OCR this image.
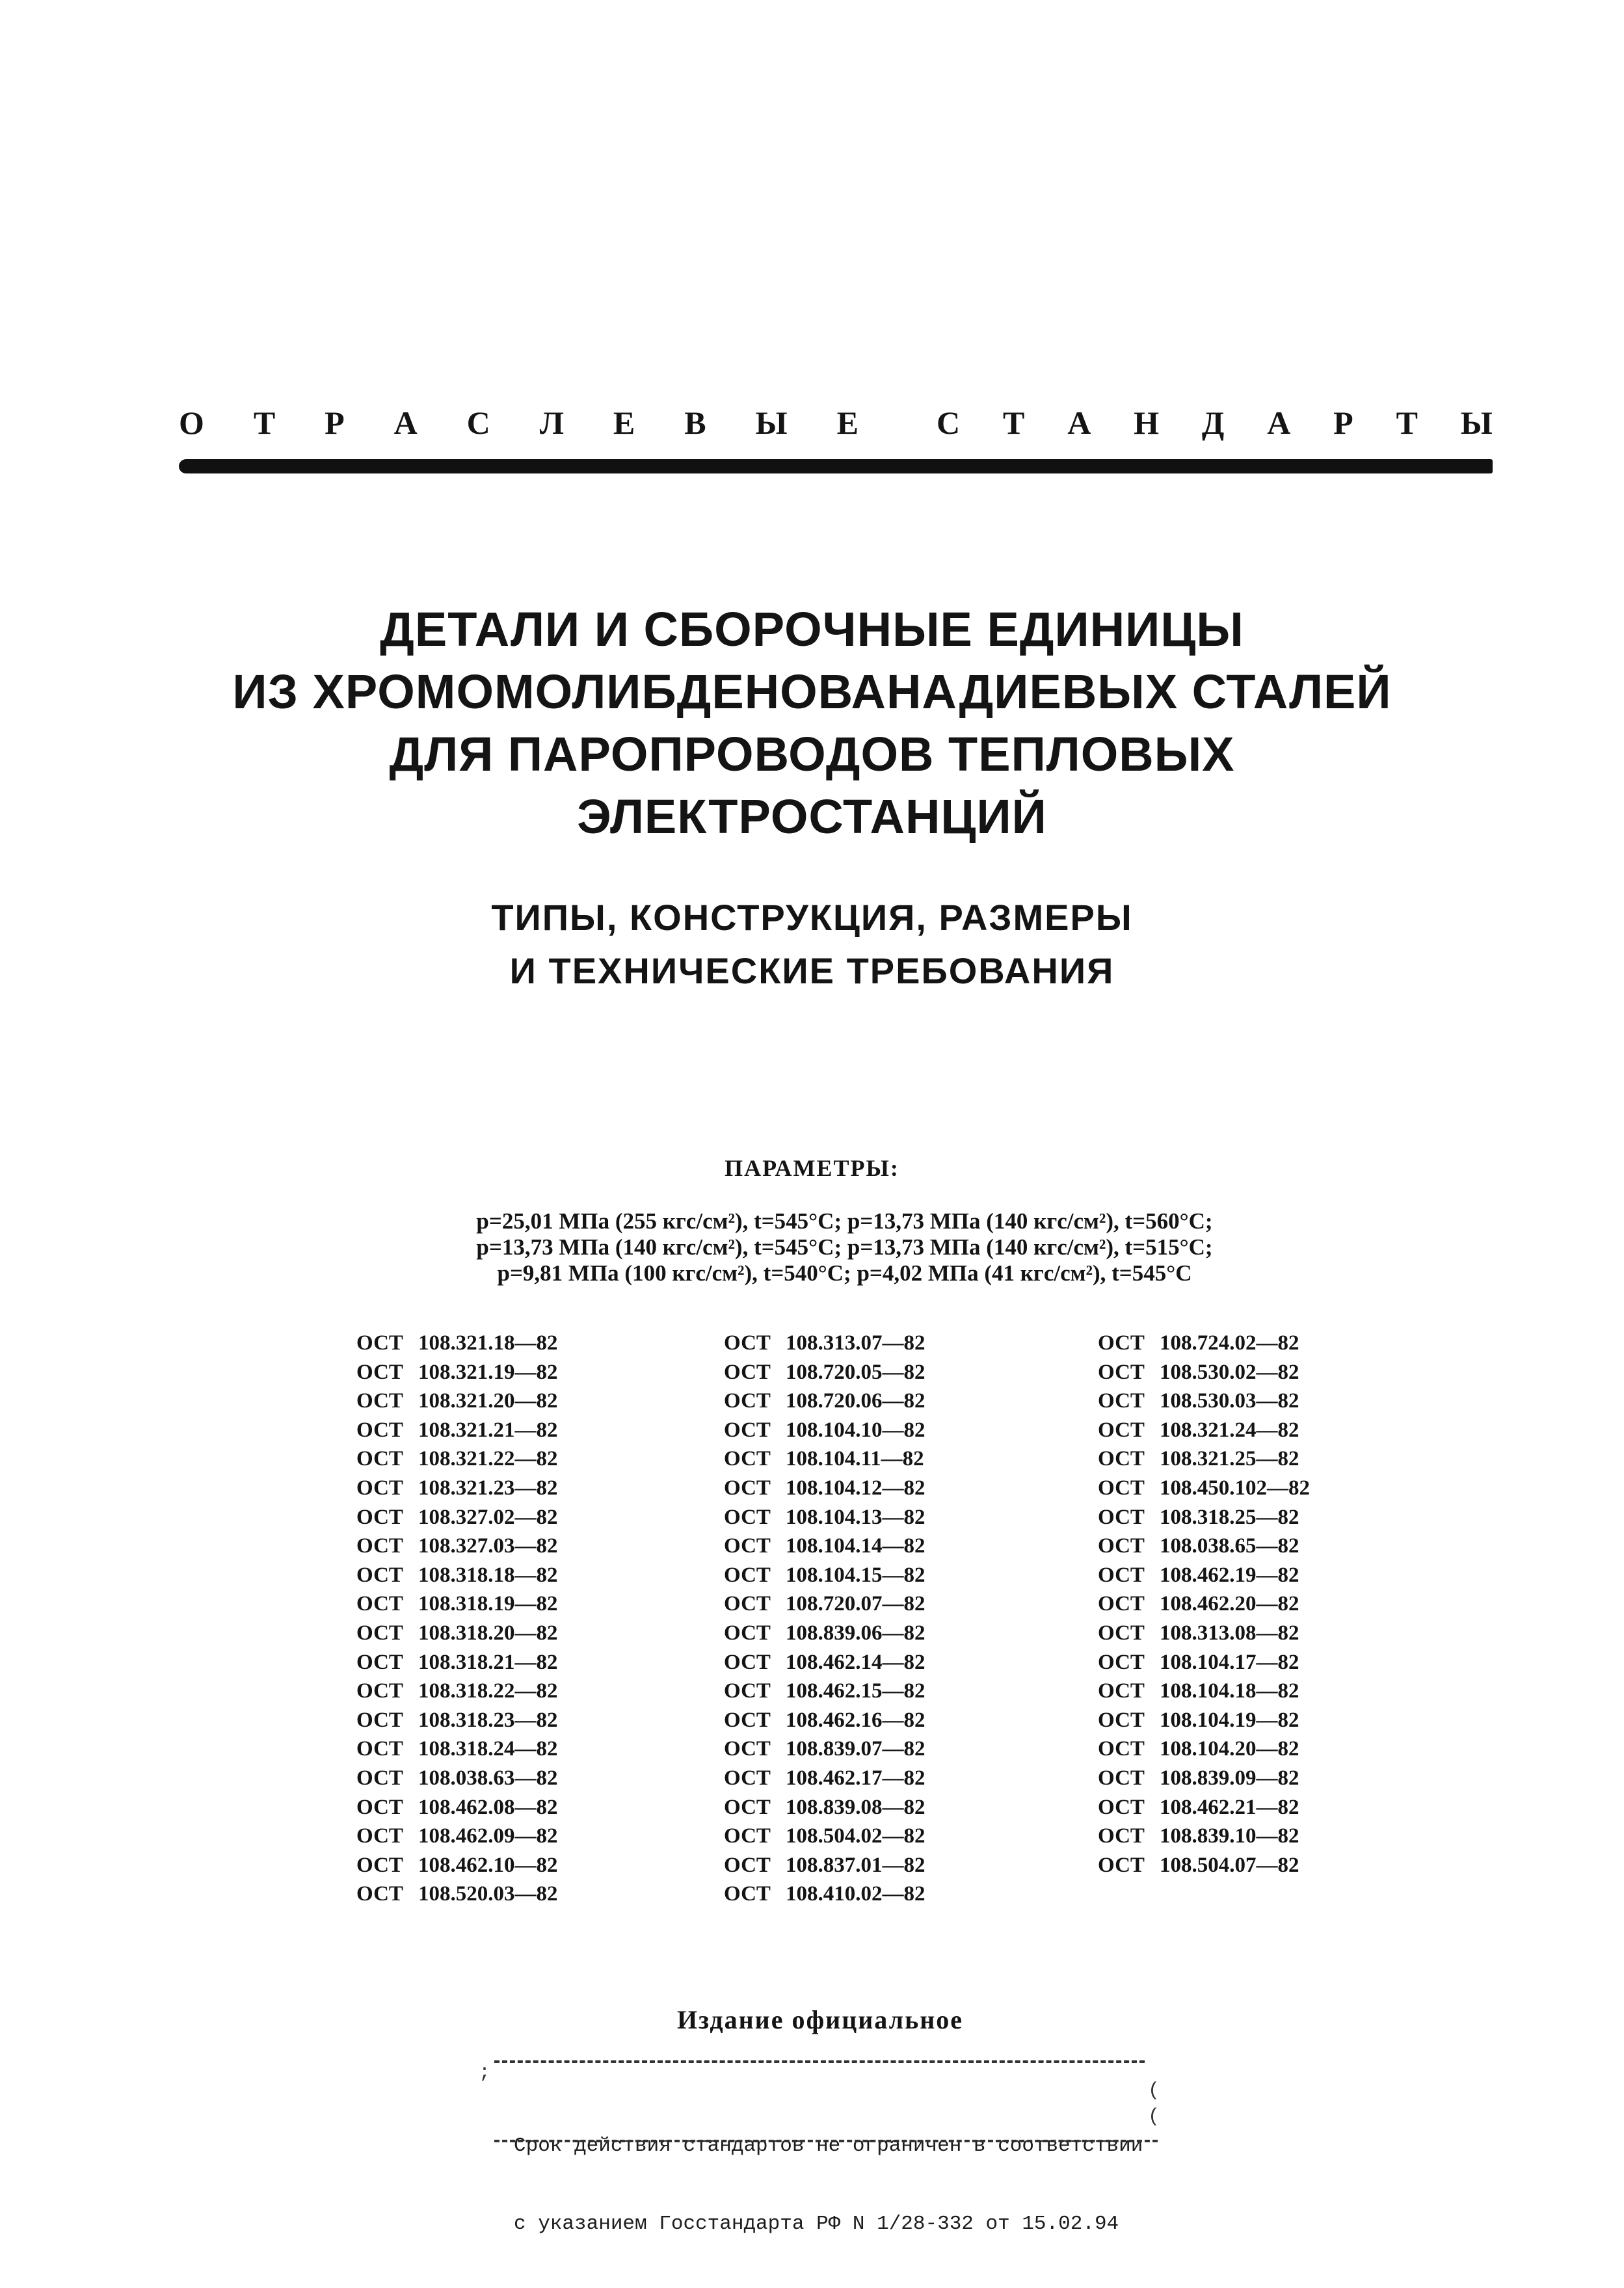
О Т Р А С Л Е В Ы Е С Т А Н Д А Р Т Ы
ДЕТАЛИ И СБОРОЧНЫЕ ЕДИНИЦЫ
ИЗ ХРОМОМОЛИБДЕНОВАНАДИЕВЫХ СТАЛЕЙ
ДЛЯ ПАРОПРОВОДОВ ТЕПЛОВЫХ
ЭЛЕКТРОСТАНЦИЙ
ТИПЫ, КОНСТРУКЦИЯ, РАЗМЕРЫ
И ТЕХНИЧЕСКИЕ ТРЕБОВАНИЯ
ПАРАМЕТРЫ:
p=25,01 МПа (255 кгс/см²), t=545°C; p=13,73 МПа (140 кгс/см²), t=560°C;
p=13,73 МПа (140 кгс/см²), t=545°C; p=13,73 МПа (140 кгс/см²), t=515°C;
p=9,81 МПа (100 кгс/см²), t=540°C; p=4,02 МПа (41 кгс/см²), t=545°C
ОСТ 108.321.18—82
ОСТ 108.321.19—82
ОСТ 108.321.20—82
ОСТ 108.321.21—82
ОСТ 108.321.22—82
ОСТ 108.321.23—82
ОСТ 108.327.02—82
ОСТ 108.327.03—82
ОСТ 108.318.18—82
ОСТ 108.318.19—82
ОСТ 108.318.20—82
ОСТ 108.318.21—82
ОСТ 108.318.22—82
ОСТ 108.318.23—82
ОСТ 108.318.24—82
ОСТ 108.038.63—82
ОСТ 108.462.08—82
ОСТ 108.462.09—82
ОСТ 108.462.10—82
ОСТ 108.520.03—82
ОСТ 108.313.07—82
ОСТ 108.720.05—82
ОСТ 108.720.06—82
ОСТ 108.104.10—82
ОСТ 108.104.11—82
ОСТ 108.104.12—82
ОСТ 108.104.13—82
ОСТ 108.104.14—82
ОСТ 108.104.15—82
ОСТ 108.720.07—82
ОСТ 108.839.06—82
ОСТ 108.462.14—82
ОСТ 108.462.15—82
ОСТ 108.462.16—82
ОСТ 108.839.07—82
ОСТ 108.462.17—82
ОСТ 108.839.08—82
ОСТ 108.504.02—82
ОСТ 108.837.01—82
ОСТ 108.410.02—82
ОСТ 108.724.02—82
ОСТ 108.530.02—82
ОСТ 108.530.03—82
ОСТ 108.321.24—82
ОСТ 108.321.25—82
ОСТ 108.450.102—82
ОСТ 108.318.25—82
ОСТ 108.038.65—82
ОСТ 108.462.19—82
ОСТ 108.462.20—82
ОСТ 108.313.08—82
ОСТ 108.104.17—82
ОСТ 108.104.18—82
ОСТ 108.104.19—82
ОСТ 108.104.20—82
ОСТ 108.839.09—82
ОСТ 108.462.21—82
ОСТ 108.839.10—82
ОСТ 108.504.07—82
Издание официальное
;

Срок действия стандартов не ограничен в соответствии

с указанием Госстандарта РФ N 1/28-332 от 15.02.94

(
(
